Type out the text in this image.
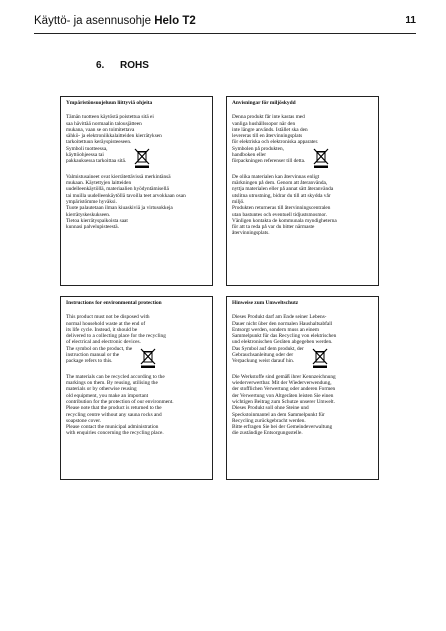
Käyttö- ja asennusohje Helo T2	11
6. ROHS
Ympäristönsuojeluun liittyviä ohjeita

Tämän tuotteen käytöstä poistettua sitä ei
saa hävittää normaalin talousjätteen
mukana, vaan se on toimitettava
sähkö- ja elektroniikkalaitteiden kierrätyksen
tarkoitettuun keräyspisteeseen.

Symboli tuotteessa,
käyttöohjeessa tai
pakkauksessa tarkoittaa sitä.

Valmistusaineet ovat kierrätettävissä merkintänsä
mukaan. Käytettyjen laitteiden
uudelleenkäytöllä, materiaalien hyödyntämisellä
tai muilla uudelleenkäytöllä tavoilla teet arvokkaan osan
ympäristömme hyväksi.
Tuote palautetaan ilman kiuaskiviä ja virtusokkeja
kierrätyskeskukseen.

Tietoa kierrätyspaikoista saat
kunnasi palvelupisteestä.

Anvisningar för miljöskydd

Denna produkt får inte kastas med
vanliga hushållssopor när den
inte längre används. Istället ska den
levereras till en återvinningsplats
för elektriska och elektroniska apparater.

Symbolen på produkten,
handboken eller
förpackningen referenser till detta.

De olika materialen kan återvinnas enligt
märkningen på dem. Genom att återanvända,
nyttja materialen eller på annat sätt återanvända
utslitna utrustning, bidrar du till att skydda vår
miljö.
Produkten returneras till återvinningscentralen
utan bastuntes och eventuell tidjustsmosmor.

Vänligen kontakta de kommunala myndigheterna
för att ta reda på var du bitter närmaste
återvinningsplats.

Instructions for environmental protection

This product must not be disposed with
normal household waste at the end of
its life cycle. Instead, it should be
delivered to a collecting place for the recycling
of electrical and electronic devices.

The symbol on the product, the
instruction manual or the
package refers to this.

The materials can be recycled according to the
markings on them. By reusing, utilising the
materials or by otherwise reusing
old equipment, you make an important
contribution for the protection of our environment.
Please note that the product is returned to the
recycling centre without any sauna rocks and
soapstone cover.

Please contact the municipal administration
with enquiries concerning the recycling place.

Hinweise zum Umweltschutz

Dieses Produkt darf am Ende seiner Lebens-
Dauer nicht über den normalen Haushaltsabfall
Entsorgt werden, sondern muss an einem
Sammelpunkt für das Recycling von elektrischen
und elektronischen Geräten abgegeben werden.

Das Symbol auf dem produkt, der
Gebrauchsanleitung oder der
Verpackung weist darauf hin.

Die Werkstoffe sind gemäß ihrer Kennzeichnung
wiederverwertbar. Mit der Wiederverwendung,
der stofflichen Verwertung oder anderen Formen
der Verwertung von Altgeräten leisten Sie einen
wichtigen Beitrag zum Schutze unserer Umwelt.
Dieses Produkt soll ohne Steine und
Speckstoinmantel an dem Sammelpunkt für
Recycling zurückgebracht werden.

Bitte erfragen Sie bei der Gemeindeverwaltung
die zuständige Entsorgungsstelle.
